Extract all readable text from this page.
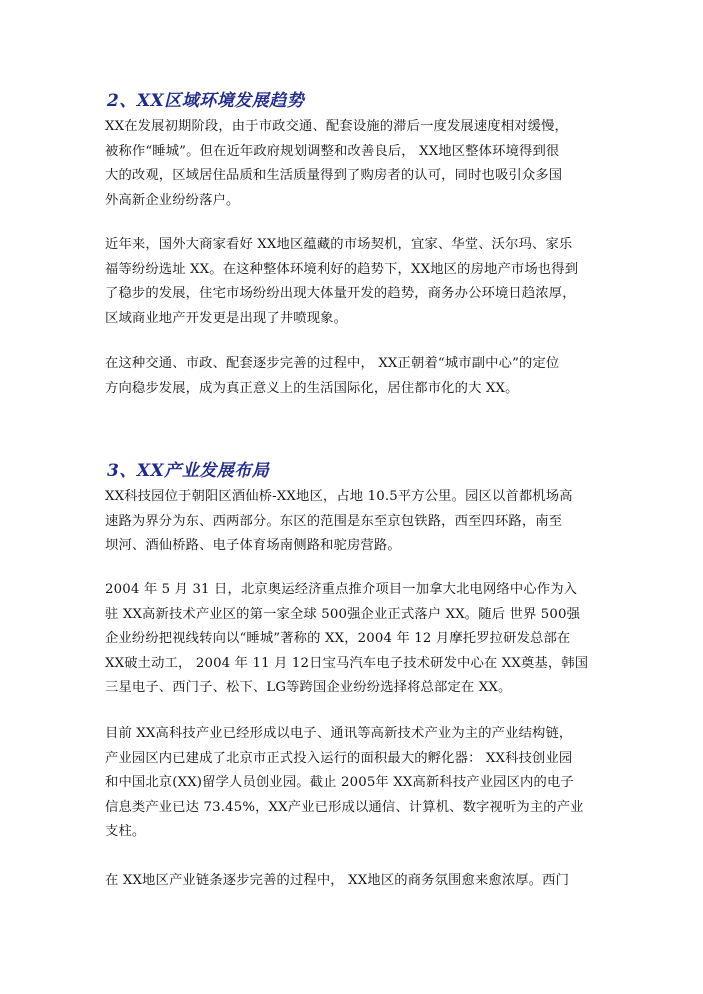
2、XX区域环境发展趋势
XX在发展初期阶段，由于市政交通、配套设施的滞后一度发展速度相对缓慢，
被称作“睡城”。但在近年政府规划调整和改善良后， XX地区整体环境得到很
大的改观，区域居住品质和生活质量得到了购房者的认可，同时也吸引众多国
外高新企业纷纷落户。
近年来，国外大商家看好 XX地区蕴藏的市场契机，宜家、华堂、沃尔玛、家乐
福等纷纷选址 XX。在这种整体环境利好的趋势下，XX地区的房地产市场也得到
了稳步的发展，住宅市场纷纷出现大体量开发的趋势，商务办公环境日趋浓厚，
区域商业地产开发更是出现了井喷现象。
在这种交通、市政、配套逐步完善的过程中， XX正朝着“城市副中心”的定位
方向稳步发展，成为真正意义上的生活国际化，居住都市化的大 XX。
3、XX产业发展布局
XX科技园位于朝阳区酒仙桥-XX地区，占地 10.5平方公里。园区以首都机场高
速路为界分为东、西两部分。东区的范围是东至京包铁路，西至四环路，南至
坝河、酒仙桥路、电子体育场南侧路和驼房营路。
2004 年 5 月 31 日，北京奥运经济重点推介项目一加拿大北电网络中心作为入
驻 XX高新技术产业区的第一家全球 500强企业正式落户 XX。随后 世界 500强
企业纷纷把视线转向以“睡城”著称的 XX，2004 年 12 月摩托罗拉研发总部在
XX破土动工， 2004 年 11 月 12日宝马汽车电子技术研发中心在 XX奠基，韩国
三星电子、西门子、松下、LG等跨国企业纷纷选择将总部定在 XX。
目前 XX高科技产业已经形成以电子、通讯等高新技术产业为主的产业结构链，
产业园区内已建成了北京市正式投入运行的面积最大的孵化器： XX科技创业园
和中国北京(XX)留学人员创业园。截止 2005年 XX高新科技产业园区内的电子
信息类产业已达 73.45%，XX产业已形成以通信、计算机、数字视听为主的产业
支柱。
在 XX地区产业链条逐步完善的过程中， XX地区的商务氛围愈来愈浓厚。西门
